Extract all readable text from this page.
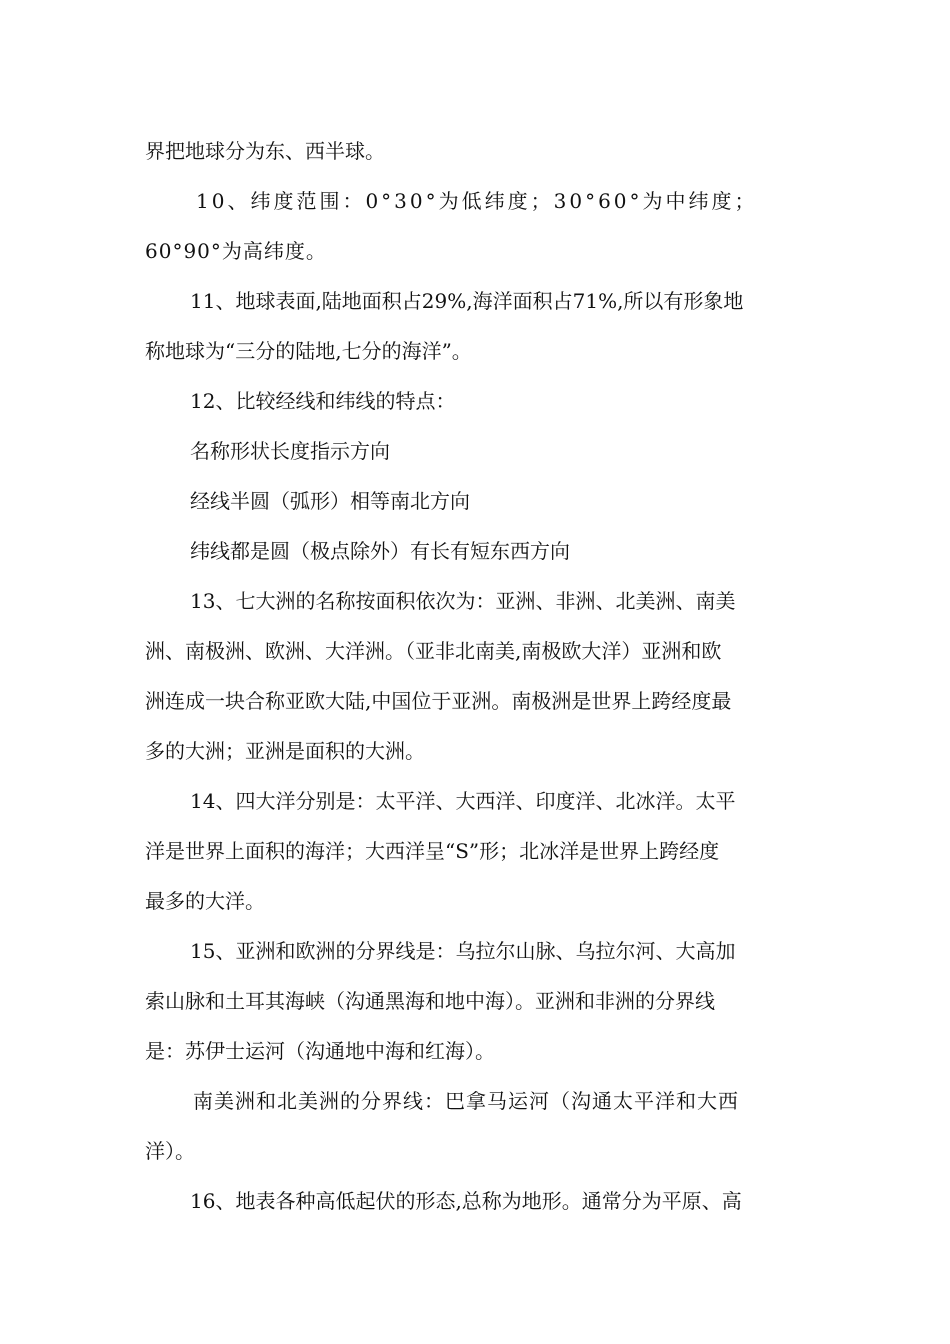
界把地球分为东、西半球。
10、纬度范围：0°30°为低纬度；30°60°为中纬度；
60°90°为高纬度。
11、地球表面,陆地面积占29%,海洋面积占71%,所以有形象地
称地球为“三分的陆地,七分的海洋”。
12、比较经线和纬线的特点：
名称形状长度指示方向
经线半圆（弧形）相等南北方向
纬线都是圆（极点除外）有长有短东西方向
13、七大洲的名称按面积依次为：亚洲、非洲、北美洲、南美
洲、南极洲、欧洲、大洋洲。（亚非北南美,南极欧大洋）亚洲和欧
洲连成一块合称亚欧大陆,中国位于亚洲。南极洲是世界上跨经度最
多的大洲；亚洲是面积的大洲。
14、四大洋分别是：太平洋、大西洋、印度洋、北冰洋。太平
洋是世界上面积的海洋；大西洋呈“S”形；北冰洋是世界上跨经度
最多的大洋。
15、亚洲和欧洲的分界线是：乌拉尔山脉、乌拉尔河、大高加
索山脉和土耳其海峡（沟通黑海和地中海）。亚洲和非洲的分界线
是：苏伊士运河（沟通地中海和红海）。
南美洲和北美洲的分界线：巴拿马运河（沟通太平洋和大西
洋）。
16、地表各种高低起伏的形态,总称为地形。通常分为平原、高
